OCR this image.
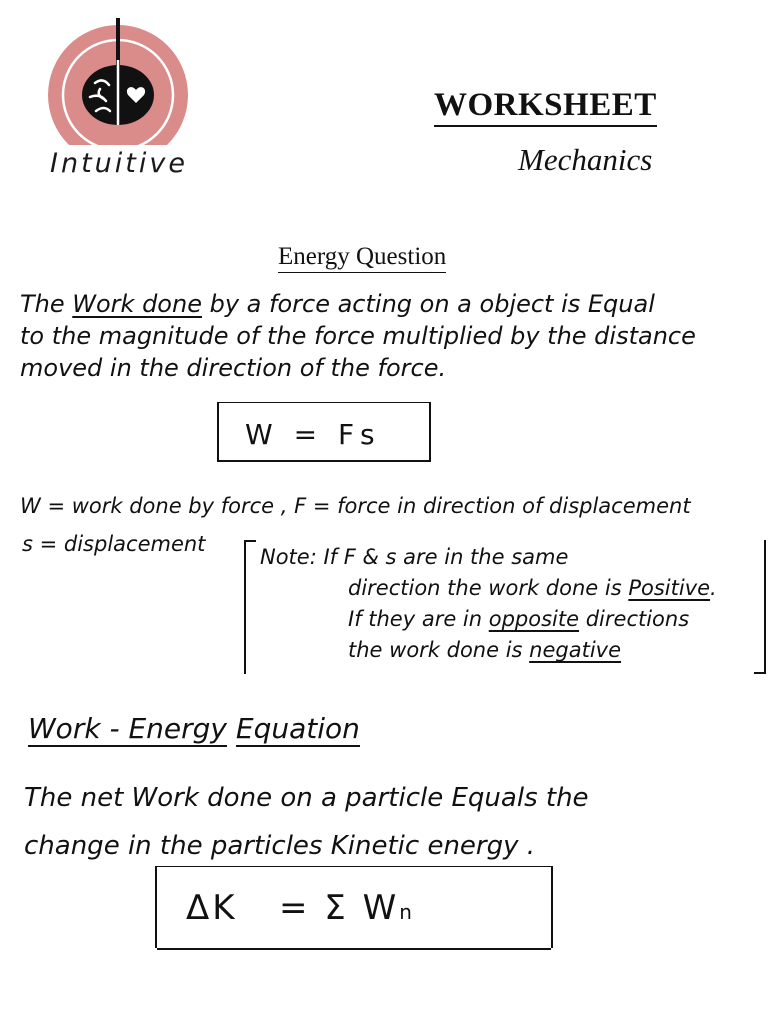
Intuitive
WORKSHEET
Mechanics
Energy Question
The Work done by a force acting on a object is Equal
to the magnitude of the force multiplied by the distance
moved in the direction of the force.
W = Fs
W = work done by force , F = force in direction of displacement
s = displacement
Note: If F & s are in the same
direction the work done is Positive.
If they are in opposite directions
the work done is negative
Work - Energy Equation
The net Work done on a particle Equals the
change in the particles Kinetic energy .
ΔK = Σ Wn
